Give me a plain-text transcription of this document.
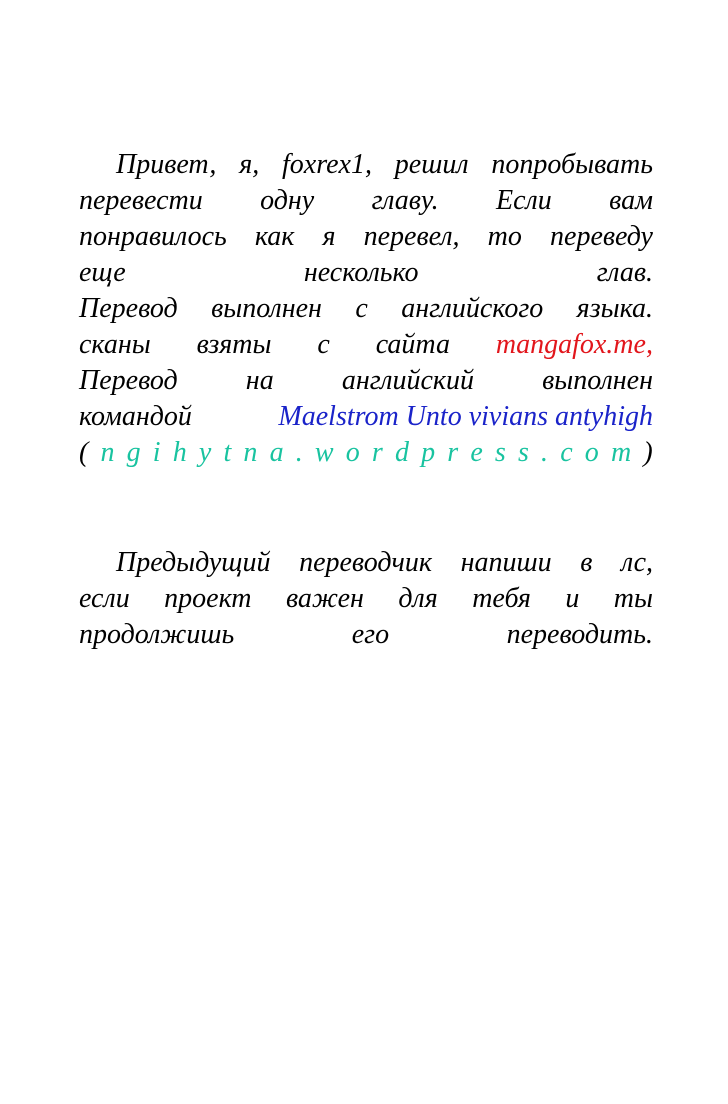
Привет, я, foxrex1, решил попробывать
перевести одну главу. Если вам
понравилось как я перевел, то переведу
еще	несколько	глав.
Перевод выполнен с английского языка.
сканы взяты с сайта mangafox.me,
Перевод на английский выполнен
командой	Maelstrom Unto vivians antyhigh
( n g i h y t n a . w o r d p r e s s . c o m )
Предыдущий переводчик напиши в лс,
если проект важен для тебя и ты
продолжишь	его	переводить.
